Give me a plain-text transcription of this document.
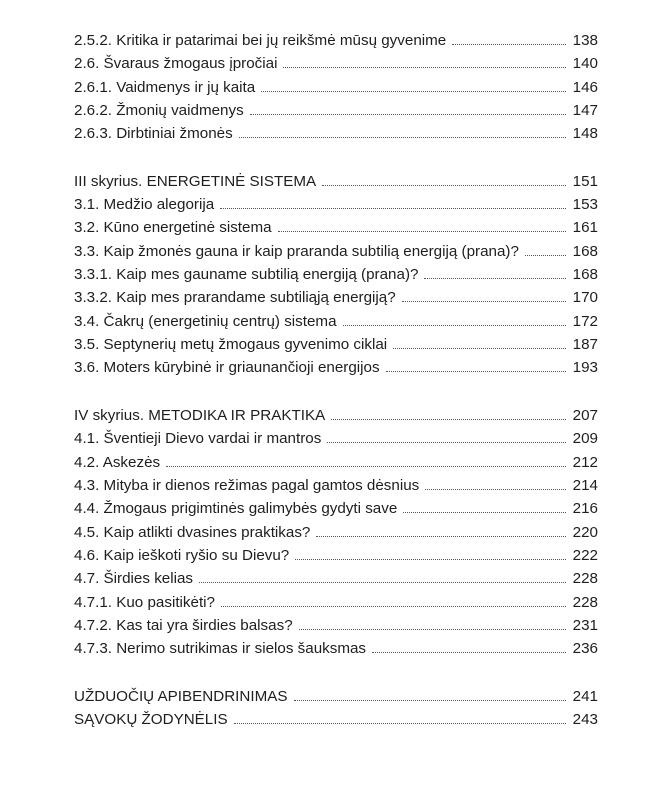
2.5.2. Kritika ir patarimai bei jų reikšmė mūsų gyvenime	138
2.6. Švaraus žmogaus įpročiai	140
2.6.1. Vaidmenys ir jų kaita	146
2.6.2. Žmonių vaidmenys	147
2.6.3. Dirbtiniai žmonės	148
III skyrius. ENERGETINĖ SISTEMA	151
3.1. Medžio alegorija	153
3.2. Kūno energetinė sistema	161
3.3. Kaip žmonės gauna ir kaip praranda subtilią energiją (prana)?	168
3.3.1. Kaip mes gauname subtilią energiją (prana)?	168
3.3.2. Kaip mes prarandame subtiliąją energiją?	170
3.4. Čakrų (energetinių centrų) sistema	172
3.5. Septynerių metų žmogaus gyvenimo ciklai	187
3.6. Moters kūrybinė ir griaunančioji energijos	193
IV skyrius. METODIKA IR PRAKTIKA	207
4.1. Šventieji Dievo vardai ir mantros	209
4.2. Askezės	212
4.3. Mityba ir dienos režimas pagal gamtos dėsnius	214
4.4. Žmogaus prigimtinės galimybės gydyti save	216
4.5. Kaip atlikti dvasines praktikas?	220
4.6. Kaip ieškoti ryšio su Dievu?	222
4.7. Širdies kelias	228
4.7.1. Kuo pasitikėti?	228
4.7.2. Kas tai yra širdies balsas?	231
4.7.3. Nerimo sutrikimas ir sielos šauksmas	236
UŽDUOČIŲ APIBENDRINIMAS	241
SĄVOKŲ ŽODYNĖLIS	243
